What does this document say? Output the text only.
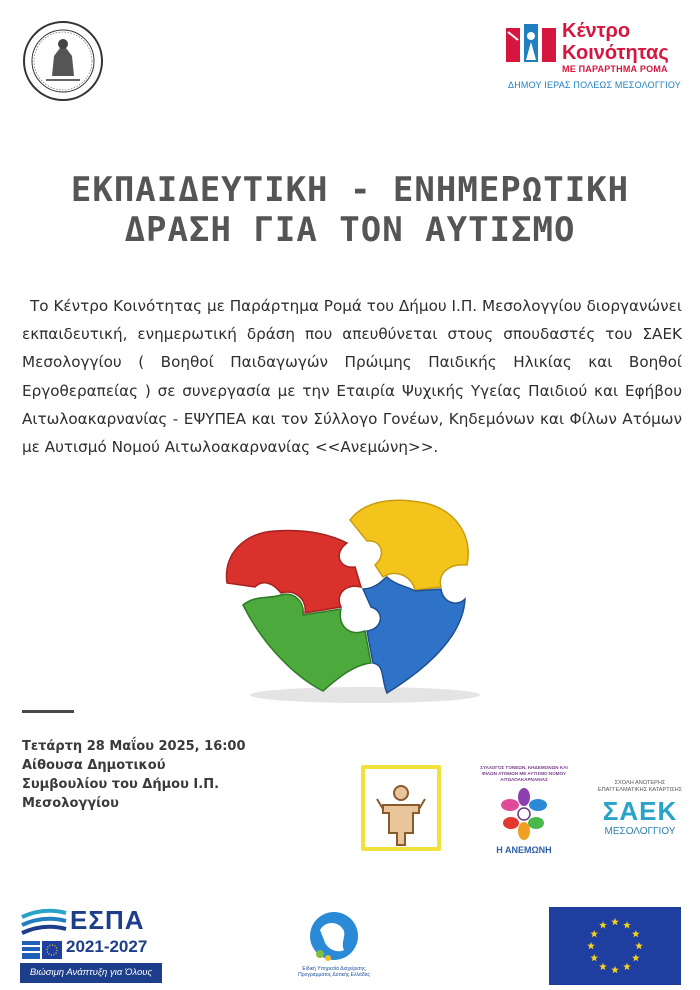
Κέντρο
Κοινότητας
ΜΕ ΠΑΡΑΡΤΗΜΑ ΡΟΜΑ
ΔΗΜΟΥ ΙΕΡΑΣ ΠΟΛΕΩΣ ΜΕΣΟΛΟΓΓΙΟΥ
ΕΚΠΑΙΔΕΥΤΙΚΗ - ΕΝΗΜΕΡΩΤΙΚΗ
ΔΡΑΣΗ ΓΙΑ ΤΟΝ ΑΥΤΙΣΜΟ
Το Κέντρο Κοινότητας με Παράρτημα Ρομά του Δήμου Ι.Π. Μεσολογγίου διοργανώνει εκπαιδευτική, ενημερωτική δράση που απευθύνεται στους σπουδαστές του ΣΑΕΚ Μεσολογγίου ( Βοηθοί Παιδαγωγών Πρώιμης Παιδικής Ηλικίας και Βοηθοί Εργοθεραπείας ) σε συνεργασία με την Εταιρία Ψυχικής Υγείας Παιδιού και Εφήβου Αιτωλοακαρνανίας - ΕΨΥΠΕΑ και τον Σύλλογο Γονέων, Κηδεμόνων και Φίλων Ατόμων με Αυτισμό Νομού Αιτωλοακαρνανίας <<Ανεμώνη>>.
Τετάρτη 28 Μαΐου 2025, 16:00
Αίθουσα Δημοτικού Συμβουλίου του Δήμου Ι.Π. Μεσολογγίου
ΣΥΛΛΟΓΟΣ ΓΟΝΕΩΝ, ΚΗΔΕΜΟΝΩΝ ΚΑΙ ΦΙΛΩΝ ΑΤΟΜΩΝ ΜΕ ΑΥΤΙΣΜΟ ΝΟΜΟΥ ΑΙΤΩΛΟΑΚΑΡΝΑΝΙΑΣ
Η ΑΝΕΜΩΝΗ
ΣΧΟΛΗ ΑΝΩΤΕΡΗΣ ΕΠΑΓΓΕΛΜΑΤΙΚΗΣ ΚΑΤΑΡΤΙΣΗΣ
ΣΑΕΚ
ΜΕΣΟΛΟΓΓΙΟΥ
ΕΣΠΑ
2021-2027
Βιώσιμη Ανάπτυξη για Όλους	Ειδική Υπηρεσία Διαχείρισης Προγράμματος Δυτικής Ελλάδας
